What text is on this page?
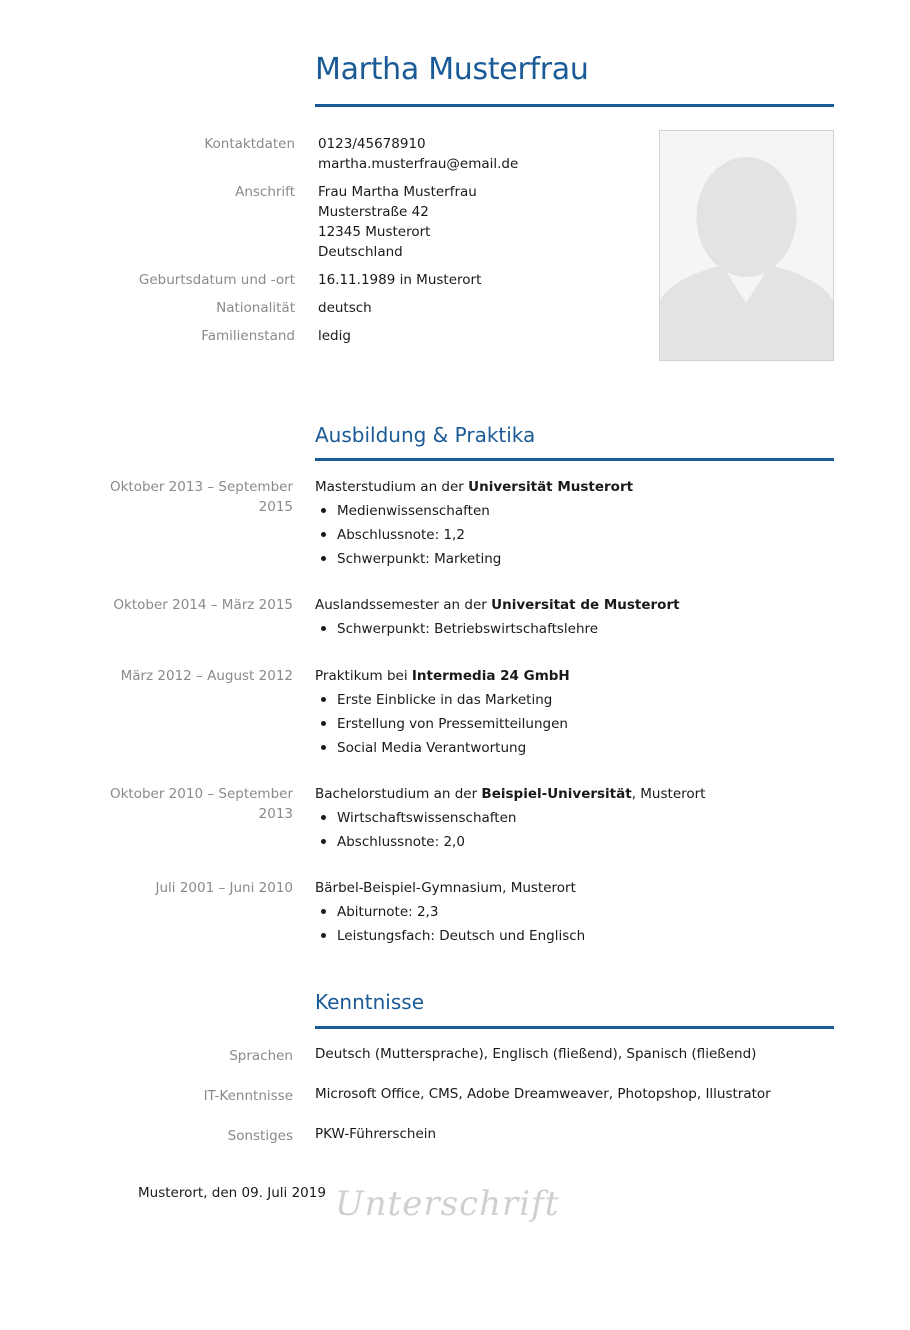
Martha Musterfrau
Kontaktdaten 0123/45678910
martha.musterfrau@email.de
Anschrift Frau Martha Musterfrau
Musterstraße 42
12345 Musterort
Deutschland
Geburtsdatum und -ort 16.11.1989 in Musterort
Nationalität deutsch
Familienstand ledig
Ausbildung & Praktika
Oktober 2013 – September
2015
Masterstudium an der Universität Musterort
Medienwissenschaften
Abschlussnote: 1,2
Schwerpunkt: Marketing
Oktober 2014 – März 2015 Auslandssemester an der Universitat de Musterort
Schwerpunkt: Betriebswirtschaftslehre
März 2012 – August 2012 Praktikum bei Intermedia 24 GmbH
Erste Einblicke in das Marketing
Erstellung von Pressemitteilungen
Social Media Verantwortung
Oktober 2010 – September
2013
Bachelorstudium an der Beispiel-Universität, Musterort
Wirtschaftswissenschaften
Abschlussnote: 2,0
Juli 2001 – Juni 2010 Bärbel-Beispiel-Gymnasium, Musterort
Abiturnote: 2,3
Leistungsfach: Deutsch und Englisch
Kenntnisse
Sprachen Deutsch (Muttersprache), Englisch (fließend), Spanisch (fließend)
IT-Kenntnisse Microsoft Office, CMS, Adobe Dreamweaver, Photopshop, Illustrator
Sonstiges PKW-Führerschein
Musterort, den 09. Juli 2019 Unterschrift
